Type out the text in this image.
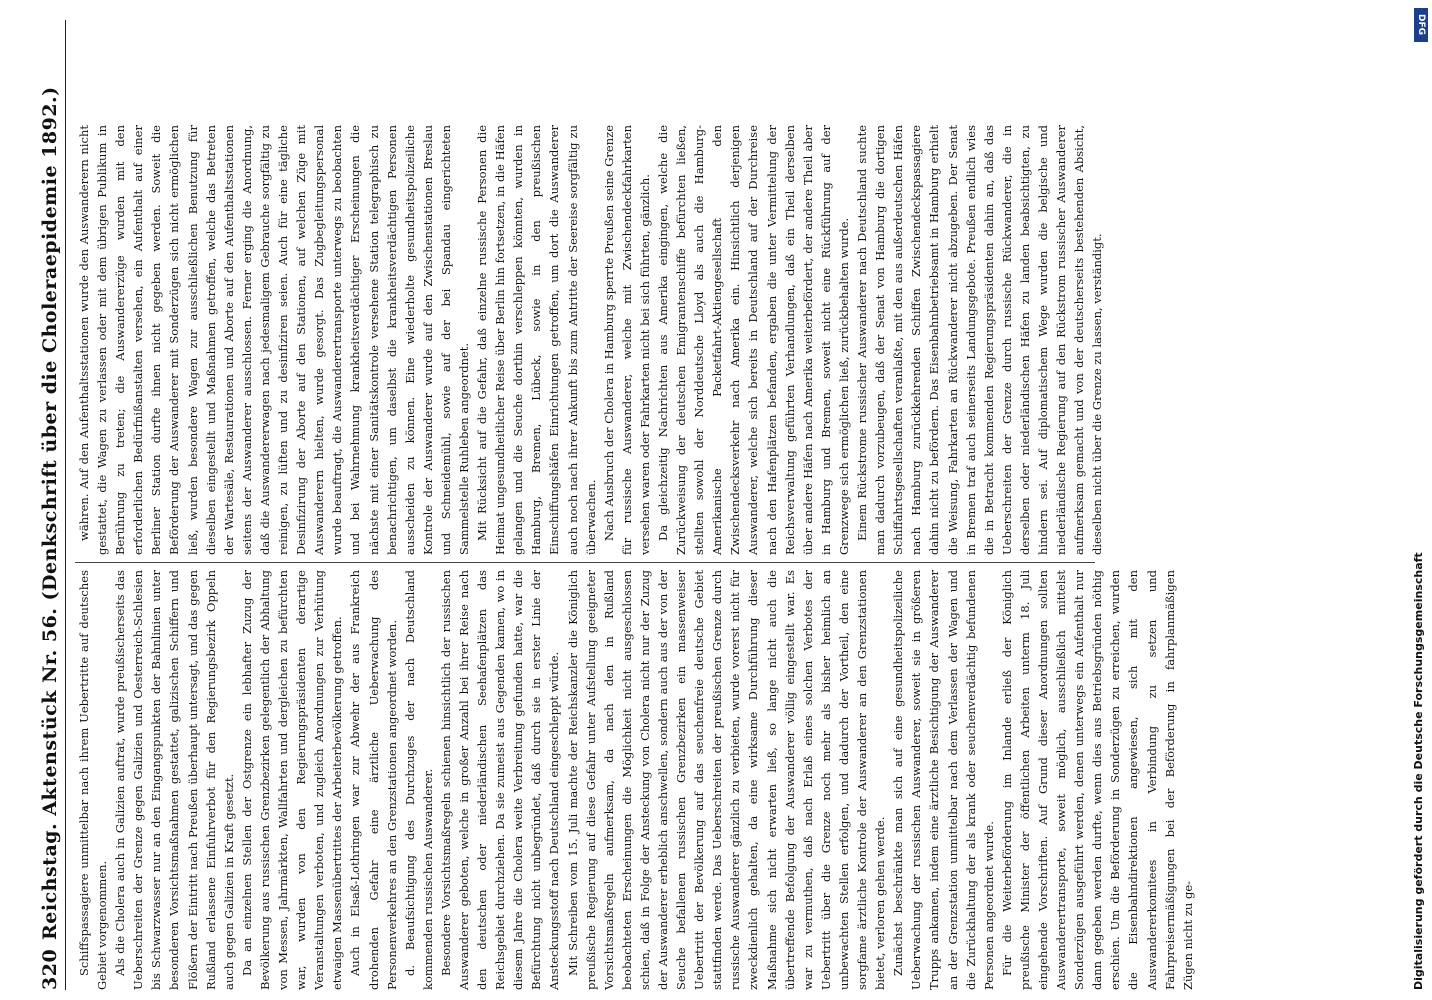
320
Reichstag. Aktenstück Nr. 56. (Denkschrift über die Choleraepidemie 1892.) Schiffspassagiere unmittelbar nach ihrem Uebertritte auf deutsches Gebiet vorgenommen. Als die Cholera auch in Galizien auftrat, wurde preußischerseits das Ueberschreiten der Grenze gegen Galizien und Oesterreich-Schlesien bis Schwarzwasser nur an den Eingangspunkten der Bahnlinien unter besonderen Vorsichtsmaßnahmen gestattet, galizischen Schiffern und Flößern der Eintritt nach Preußen überhaupt untersagt, und das gegen Rußland erlassene Einfuhrverbot für den Regierungsbezirk Oppeln auch gegen Galizien in Kraft gesetzt. Da an einzelnen Stellen der Ostgrenze ein lebhafter Zuzug der Bevölkerung aus russischen Grenzbezirken gelegentlich der Abhaltung von Messen, Jahrmärkten, Wallfahrten und dergleichen zu befürchten war, wurden von den Regierungspräsidenten derartige Veranstaltungen verboten, und zugleich Anordnungen zur Verhütung etwaigen Massenübertrittes der Arbeiterbevölkerung getroffen. Auch in Elsaß-Lothringen war zur Abwehr der aus Frankreich drohenden Gefahr eine ärztliche Ueberwachung des Personenverkehres an den Grenzstationen angeordnet worden. d. Beaufsichtigung des Durchzuges der nach Deutschland kommenden russischen Auswanderer. Besondere Vorsichtsmaßregeln schienen hinsichtlich der russischen Auswanderer geboten, welche in großer Anzahl bei ihrer Reise nach den deutschen oder niederländischen Seehafenplätzen das Reichsgebiet durchziehen. Da sie zumeist aus Gegenden kamen, wo in diesem Jahre die Cholera weite Verbreitung gefunden hatte, war die Befürchtung nicht unbegründet, daß durch sie in erster Linie der Ansteckungsstoff nach Deutschland eingeschleppt würde. Mit Schreiben vom 15. Juli machte der Reichskanzler die Königlich preußische Regierung auf diese Gefahr unter Aufstellung geeigneter Vorsichtsmaßregeln aufmerksam, da nach den in Rußland beobachteten Erscheinungen die Möglichkeit nicht ausgeschlossen schien, daß in Folge der Ansteckung von Cholera nicht nur der Zuzug der Auswanderer erheblich anschwellen, sondern auch aus der von der Seuche befallenen russischen Grenzbezirken ein massenweiser Uebertritt der Bevölkerung auf das seuchenfreie deutsche Gebiet stattfinden werde. Das Ueberschreiten der preußischen Grenze durch russische Auswanderer gänzlich zu verbieten, wurde vorerst nicht für zweckdienlich gehalten, da eine wirksame Durchführung dieser Maßnahme sich nicht erwarten ließ, so lange nicht auch die übertreffende Befolgung der Auswanderer völlig eingestellt war. Es war zu vermuthen, daß nach Erlaß eines solchen Verbotes der Uebertritt über die Grenze noch mehr als bisher heimlich an unbewachten Stellen erfolgen, und dadurch der Vortheil, den eine sorgfame ärztliche Kontrole der Auswanderer an den Grenzstationen bietet, verloren gehen werde. Zunächst beschränkte man sich auf eine gesundheitspolizeiliche Ueberwachung der russischen Auswanderer, soweit sie in größeren Trupps ankamen, indem eine ärztliche Besichtigung der Auswanderer an der Grenzstation unmittelbar nach dem Verlassen der Wagen und die Zurückhaltung der als krank oder seuchenverdächtig befundenen Personen angeordnet wurde. Für die Weiterbeförderung im Inlande erließ der Königlich preußische Minister der öffentlichen Arbeiten unterm 18. Juli eingehende Vorschriften. Auf Grund dieser Anordnungen sollten Auswanderertransporte, soweit möglich, ausschließlich mittelst Sonderzügen ausgeführt werden, denen unterwegs ein Aufenthalt nur dann gegeben werden durfte, wenn dies aus Betriebsgründen nöthig erschien. Um die Beförderung in Sonderzügen zu erreichen, wurden die Eisenbahndirektionen angewiesen, sich mit den Auswandererkomitees in Verbindung zu setzen und Fahrpreisermäßigungen bei der Beförderung in fahrplanmäßigen Zügen nicht zu ge-

währen. Auf den Aufenthaltsstationen wurde den Auswanderern nicht gestattet, die Wagen zu verlassen oder mit dem übrigen Publikum in Berührung zu treten; die Auswandererzüge wurden mit den erforderlichen Bedürfnißanstalten versehen, ein Aufenthalt auf einer Berliner Station durfte ihnen nicht gegeben werden. Soweit die Beförderung der Auswanderer mit Sonderzügen sich nicht ermöglichen ließ, wurden besondere Wagen zur ausschließlichen Benutzung für dieselben eingestellt und Maßnahmen getroffen, welche das Betreten der Wartesäle, Restaurationen und Aborte auf den Aufenthaltsstationen seitens der Auswanderer ausschlossen. Ferner erging die Anordnung, daß die Auswandererwagen nach jedesmaligem Gebrauche sorgfältig zu reinigen, zu lüften und zu desinfiziren seien. Auch für eine tägliche Desinfizirung der Aborte auf den Stationen, auf welchen Züge mit Auswanderern hielten, wurde gesorgt. Das Zugbegleitungspersonal wurde beauftragt, die Auswanderertransporte unterwegs zu beobachten und bei Wahrnehmung krankheitsverdächtiger Erscheinungen die nächste mit einer Sanitätskontrole versehene Station telegraphisch zu benachrichtigen, um daselbst die krankheitsverdächtigen Personen ausscheiden zu können. Eine wiederholte gesundheitspolizeiliche Kontrole der Auswanderer wurde auf den Zwischenstationen Breslau und Schneidemühl, sowie auf der bei Spandau eingerichteten Sammelstelle Ruhleben angeordnet. Mit Rücksicht auf die Gefahr, daß einzelne russische Personen die Heimat ungesundheitlicher Reise über Berlin hin fortsetzen, in die Häfen gelangen und die Seuche dorthin verschleppen könnten, wurden in Hamburg, Bremen, Lübeck, sowie in den preußischen Einschiffungshäfen Einrichtungen getroffen, um dort die Auswanderer auch noch nach ihrer Ankunft bis zum Antritte der Seereise sorgfältig zu überwachen. Nach Ausbruch der Cholera in Hamburg sperrte Preußen seine Grenze für russische Auswanderer, welche mit Zwischendeckfahrkarten versehen waren oder Fahrkarten nicht bei sich führten, gänzlich. Da gleichzeitig Nachrichten aus Amerika eingingen, welche die Zurückweisung der deutschen Emigrantenschiffe befürchten ließen, stellten sowohl der Norddeutsche Lloyd als auch die Hamburg-Amerikanische Packetfahrt-Aktiengesellschaft den Zwischendecksverkehr nach Amerika ein. Hinsichtlich derjenigen Auswanderer, welche sich bereits in Deutschland auf der Durchreise nach den Hafenplätzen befanden, ergaben die unter Vermittelung der Reichsverwaltung geführten Verhandlungen, daß ein Theil derselben über andere Häfen nach Amerika weiterbefördert, der andere Theil aber in Hamburg und Bremen, soweit nicht eine Rückführung auf der Grenzwege sich ermöglichen ließ, zurückbehalten wurde. Einem Rückstrome russischer Auswanderer nach Deutschland suchte man dadurch vorzubeugen, daß der Senat von Hamburg die dortigen Schiffahrtsgesellschaften veranlaßte, mit den aus außerdeutschen Häfen nach Hamburg zurückkehrenden Schiffen Zwischendeckspassagiere dahin nicht zu befördern. Das Eisenbahnbetriebsamt in Hamburg erhielt die Weisung, Fahrkarten an Rückwanderer nicht abzugeben. Der Senat in Bremen traf auch seinerseits Landungsgebote. Preußen endlich wies die in Betracht kommenden Regierungspräsidenten dahin an, daß das Ueberschreiten der Grenze durch russische Rückwanderer, die in derselben oder niederländischen Häfen zu landen beabsichtigten, zu hindern sei. Auf diplomatischem Wege wurden die belgische und niederländische Regierung auf den Rückstrom russischer Auswanderer aufmerksam gemacht und von der deutscherseits bestehenden Absicht, dieselben nicht über die Grenze zu lassen, verständigt.

DFG
Digitalisierung gefördert durch die Deutsche Forschungsgemeinschaft
